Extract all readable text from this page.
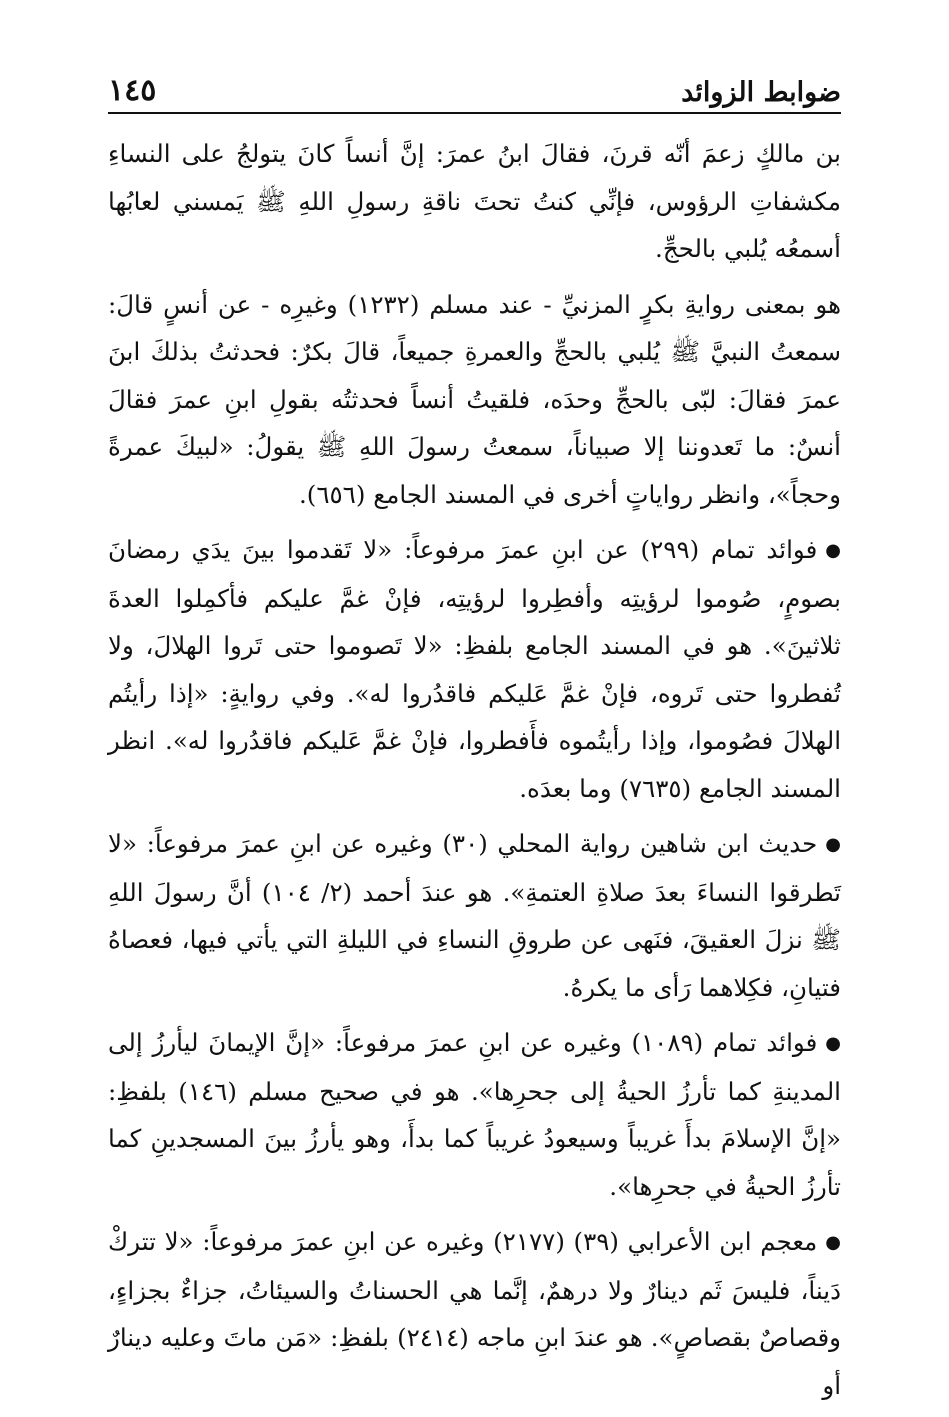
ضوابط الزوائد
١٤٥

بن مالكٍ زعمَ أنّه قرنَ، فقالَ ابنُ عمرَ: إنَّ أنساً كانَ يتولجُ على النساءِ مكشفاتِ الرؤوس، فإنِّي كنتُ تحتَ ناقةِ رسولِ اللهِ ﷺ يَمسني لعابُها أسمعُه يُلبي بالحجِّ.

هو بمعنى روايةِ بكرٍ المزنيِّ - عند مسلم (١٢٣٢) وغيرِه - عن أنسٍ قالَ: سمعتُ النبيَّ ﷺ يُلبي بالحجِّ والعمرةِ جميعاً، قالَ بكرٌ: فحدثتُ بذلكَ ابنَ عمرَ فقالَ: لبّى بالحجِّ وحدَه، فلقيتُ أنساً فحدثتُه بقولِ ابنِ عمرَ فقالَ أنسٌ: ما تَعدوننا إلا صبياناً، سمعتُ رسولَ اللهِ ﷺ يقولُ: «لبيكَ عمرةً وحجاً»، وانظر رواياتٍ أخرى في المسند الجامع (٦٥٦).

●فوائد تمام (٢٩٩) عن ابنِ عمرَ مرفوعاً: «لا تَقدموا بينَ يدَي رمضانَ بصومٍ، صُوموا لرؤيتِه وأفطِروا لرؤيتِه، فإنْ غمَّ عليكم فأكمِلوا العدةَ ثلاثينَ». هو في المسند الجامع بلفظِ: «لا تَصوموا حتى تَروا الهلالَ، ولا تُفطروا حتى تَروه، فإنْ غمَّ عَليكم فاقدُروا له». وفي روايةٍ: «إذا رأيتُم الهلالَ فصُوموا، وإذا رأيتُموه فأَفطروا، فإنْ غمَّ عَليكم فاقدُروا له». انظر المسند الجامع (٧٦٣٥) وما بعدَه.

●حديث ابن شاهين رواية المحلي (٣٠) وغيره عن ابنِ عمرَ مرفوعاً: «لا تَطرقوا النساءَ بعدَ صلاةِ العتمةِ». هو عندَ أحمد (٢/ ١٠٤) أنَّ رسولَ اللهِ ﷺ نزلَ العقيقَ، فنَهى عن طروقِ النساءِ في الليلةِ التي يأتي فيها، فعصاهُ فتيانِ، فكِلاهما رَأى ما يكرهُ.

●فوائد تمام (١٠٨٩) وغيره عن ابنِ عمرَ مرفوعاً: «إنَّ الإيمانَ ليأرزُ إلى المدينةِ كما تأرزُ الحيةُ إلى جحرِها». هو في صحيح مسلم (١٤٦) بلفظِ: «إنَّ الإسلامَ بدأَ غريباً وسيعودُ غريباً كما بدأَ، وهو يأرزُ بينَ المسجدينِ كما تأرزُ الحيةُ في جحرِها».

●معجم ابن الأعرابي (٣٩) (٢١٧٧) وغيره عن ابنِ عمرَ مرفوعاً: «لا تتركْ دَيناً، فليسَ ثَم دينارٌ ولا درهمٌ، إنَّما هي الحسناتُ والسيئاتُ، جزاءٌ بجزاءٍ، وقصاصٌ بقصاصٍ». هو عندَ ابنِ ماجه (٢٤١٤) بلفظِ: «مَن ماتَ وعليه دينارٌ أو
